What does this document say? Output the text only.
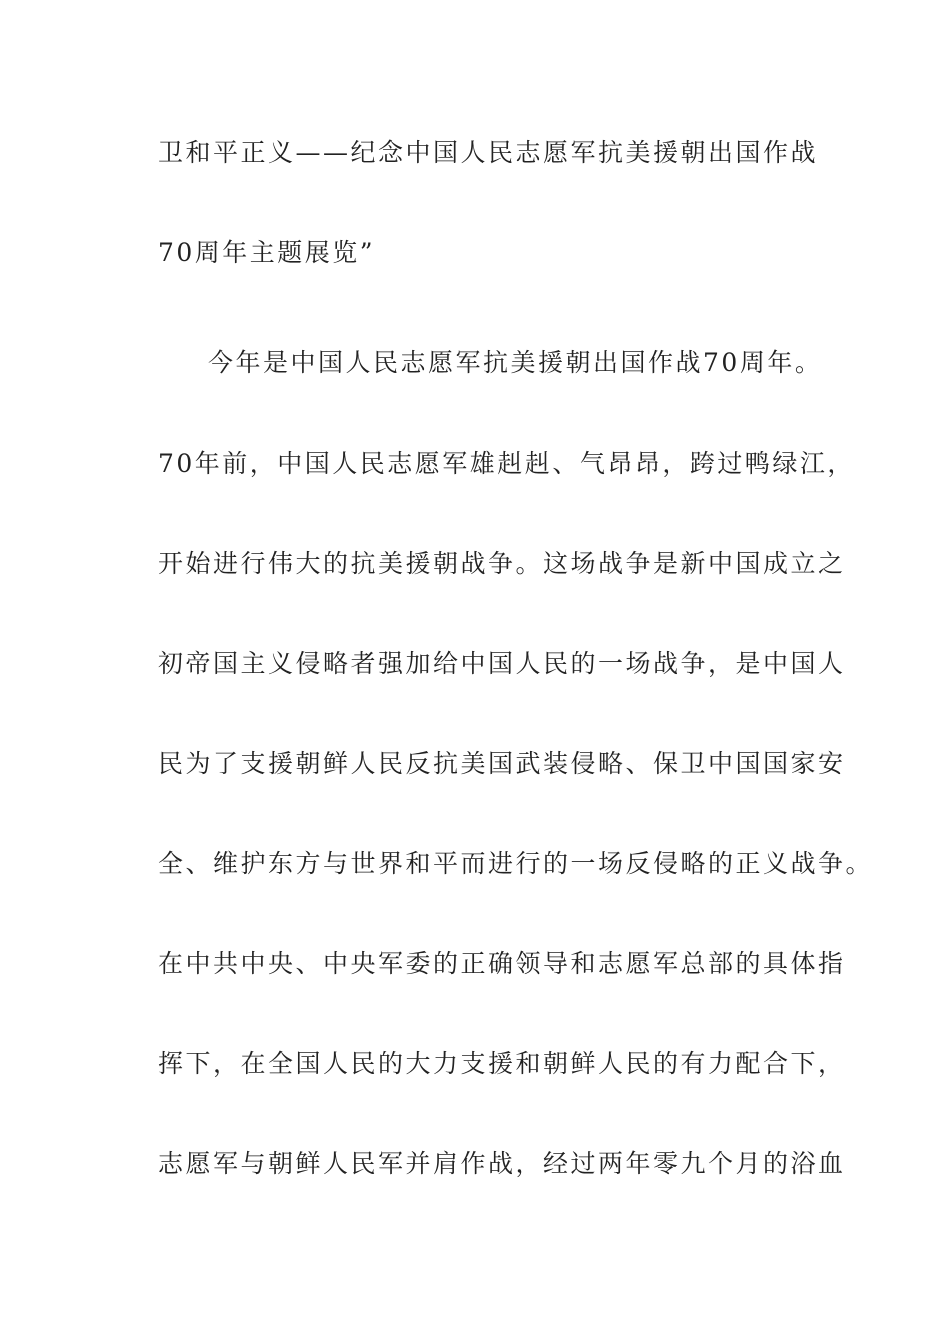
卫和平正义——纪念中国人民志愿军抗美援朝出国作战
70周年主题展览”
今年是中国人民志愿军抗美援朝出国作战70周年。
70年前，中国人民志愿军雄赳赳、气昂昂，跨过鸭绿江，
开始进行伟大的抗美援朝战争。这场战争是新中国成立之
初帝国主义侵略者强加给中国人民的一场战争，是中国人
民为了支援朝鲜人民反抗美国武装侵略、保卫中国国家安
全、维护东方与世界和平而进行的一场反侵略的正义战争。
在中共中央、中央军委的正确领导和志愿军总部的具体指
挥下，在全国人民的大力支援和朝鲜人民的有力配合下，
志愿军与朝鲜人民军并肩作战，经过两年零九个月的浴血
